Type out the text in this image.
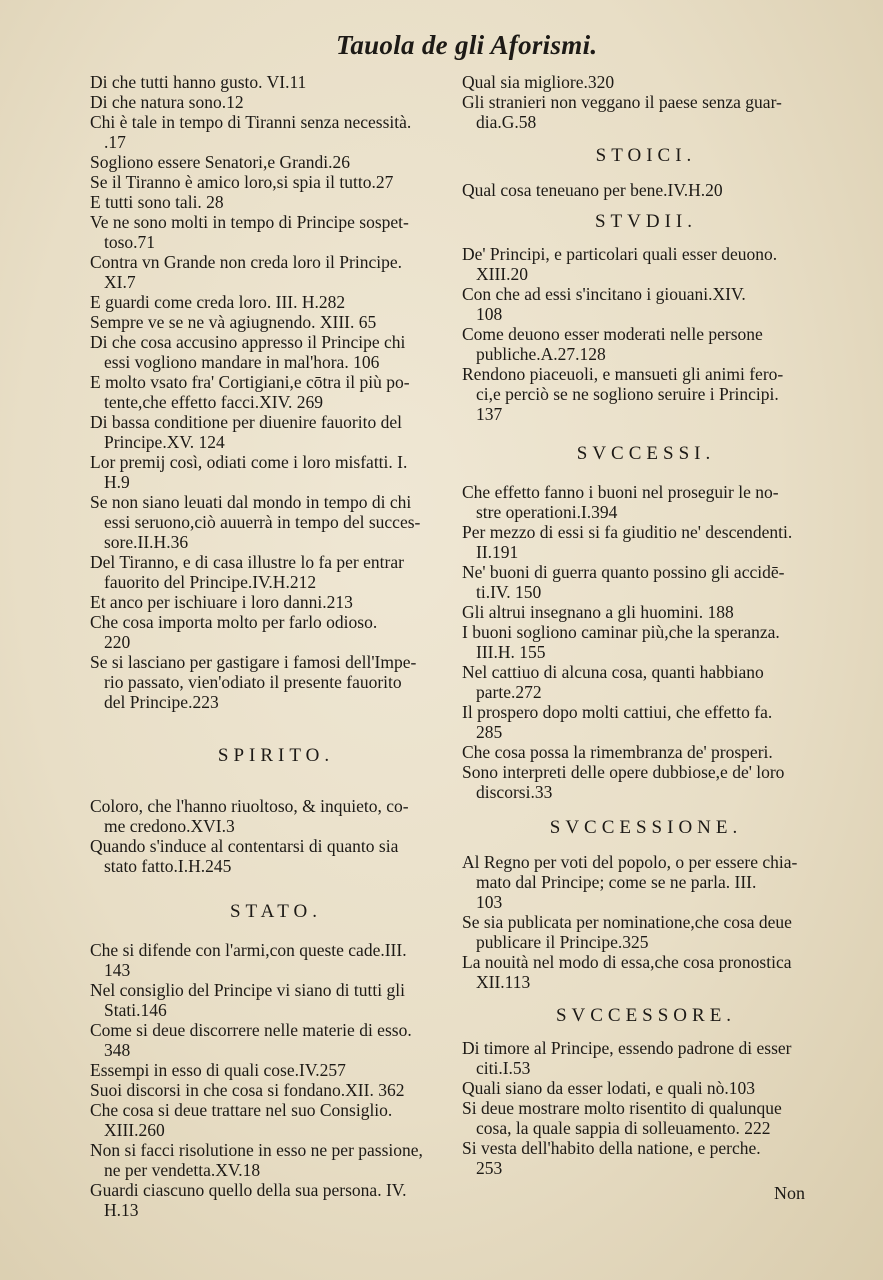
Tauola de gli Aforismi.
Di che tutti hanno gusto. VI.11
Di che natura sono.12
Chi è tale in tempo di Tiranni senza necessità.
.17
Sogliono essere Senatori,e Grandi.26
Se il Tiranno è amico loro,si spia il tutto.27
E tutti sono tali. 28
Ve ne sono molti in tempo di Principe sospet-
toso.71
Contra vn Grande non creda loro il Principe.
XI.7
E guardi come creda loro. III. H.282
Sempre ve se ne và agiugnendo. XIII. 65
Di che cosa accusino appresso il Principe chi
essi vogliono mandare in mal'hora. 106
E molto vsato fra' Cortigiani,e cōtra il più po-
tente,che effetto facci.XIV. 269
Di bassa conditione per diuenire fauorito del
Principe.XV. 124
Lor premij così, odiati come i loro misfatti. I.
H.9
Se non siano leuati dal mondo in tempo di chi
essi seruono,ciò auuerrà in tempo del succes-
sore.II.H.36
Del Tiranno, e di casa illustre lo fa per entrar
fauorito del Principe.IV.H.212
Et anco per ischiuare i loro danni.213
Che cosa importa molto per farlo odioso.
220
Se si lasciano per gastigare i famosi dell'Impe-
rio passato, vien'odiato il presente fauorito
del Principe.223
SPIRITO.
Coloro, che l'hanno riuoltoso, & inquieto, co-
me credono.XVI.3
Quando s'induce al contentarsi di quanto sia
stato fatto.I.H.245
STATO.
Che si difende con l'armi,con queste cade.III.
143
Nel consiglio del Principe vi siano di tutti gli
Stati.146
Come si deue discorrere nelle materie di esso.
348
Essempi in esso di quali cose.IV.257
Suoi discorsi in che cosa si fondano.XII. 362
Che cosa si deue trattare nel suo Consiglio.
XIII.260
Non si facci risolutione in esso ne per passione,
ne per vendetta.XV.18
Guardi ciascuno quello della sua persona. IV.
H.13
Qual sia migliore.320
Gli stranieri non veggano il paese senza guar-
dia.G.58
STOICI.
Qual cosa teneuano per bene.IV.H.20
STVDII.
De' Principi, e particolari quali esser deuono.
XIII.20
Con che ad essi s'incitano i giouani.XIV.
108
Come deuono esser moderati nelle persone
publiche.A.27.128
Rendono piaceuoli, e mansueti gli animi fero-
ci,e perciò se ne sogliono seruire i Principi.
137
SVCCESSI.
Che effetto fanno i buoni nel proseguir le no-
stre operationi.I.394
Per mezzo di essi si fa giuditio ne' descendenti.
II.191
Ne' buoni di guerra quanto possino gli accidē-
ti.IV. 150
Gli altrui insegnano a gli huomini. 188
I buoni sogliono caminar più,che la speranza.
III.H. 155
Nel cattiuo di alcuna cosa, quanti habbiano
parte.272
Il prospero dopo molti cattiui, che effetto fa.
285
Che cosa possa la rimembranza de' prosperi.
Sono interpreti delle opere dubbiose,e de' loro
discorsi.33
SVCCESSIONE.
Al Regno per voti del popolo, o per essere chia-
mato dal Principe; come se ne parla. III.
103
Se sia publicata per nominatione,che cosa deue
publicare il Principe.325
La nouità nel modo di essa,che cosa pronostica
XII.113
SVCCESSORE.
Di timore al Principe, essendo padrone di esser
citi.I.53
Quali siano da esser lodati, e quali nò.103
Si deue mostrare molto risentito di qualunque
cosa, la quale sappia di solleuamento. 222
Si vesta dell'habito della natione, e perche.
253
Non
